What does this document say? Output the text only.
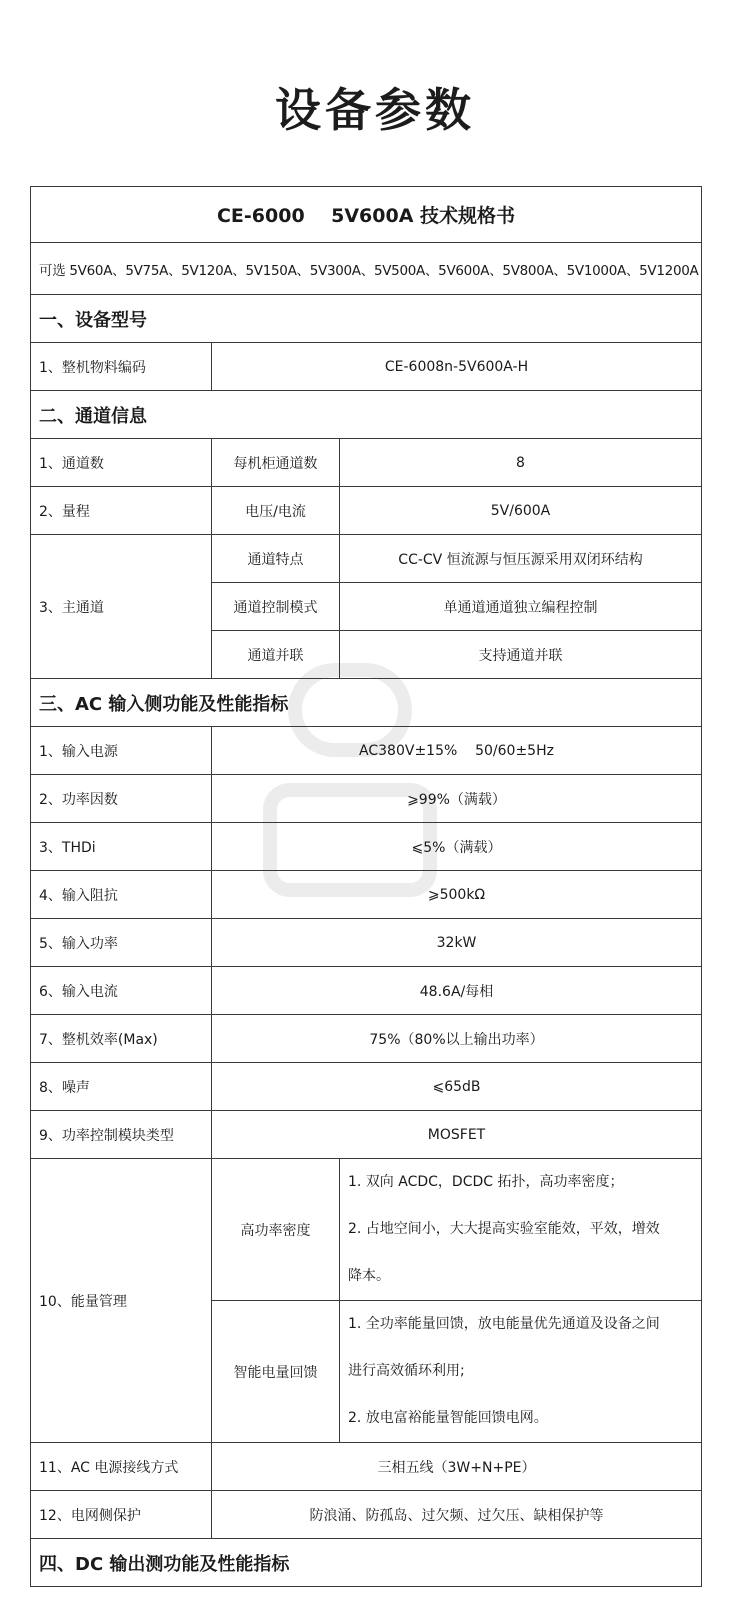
设备参数
CE-6000    5V600A 技术规格书		
可选 5V60A、5V75A、5V120A、5V150A、5V300A、5V500A、5V600A、5V800A、5V1000A、5V1200A		
一、设备型号		
1、整机物料编码	CE-6008n-5V600A-H	
二、通道信息		
1、通道数	每机柜通道数	8
2、量程	电压/电流	5V/600A
3、主通道	通道特点	CC-CV 恒流源与恒压源采用双闭环结构
	通道控制模式	单通道通道独立编程控制
	通道并联	支持通道并联
三、AC 输入侧功能及性能指标		
1、输入电源	AC380V±15%    50/60±5Hz	
2、功率因数	⩾99%（满载）	
3、THDi	⩽5%（满载）	
4、输入阻抗	⩾500kΩ	
5、输入功率	32kW	
6、输入电流	48.6A/每相	
7、整机效率(Max)	75%（80%以上输出功率）	
8、噪声	⩽65dB	
9、功率控制模块类型	MOSFET	
10、能量管理	高功率密度	1. 双向 ACDC，DCDC 拓扑，高功率密度；
2. 占地空间小，大大提高实验室能效，平效，增效
降本。

	智能电量回馈	1. 全功率能量回馈，放电能量优先通道及设备之间
进行高效循环利用;
2. 放电富裕能量智能回馈电网。

11、AC 电源接线方式	三相五线（3W+N+PE）	
12、电网侧保护	防浪涌、防孤岛、过欠频、过欠压、缺相保护等	
四、DC 输出测功能及性能指标		
